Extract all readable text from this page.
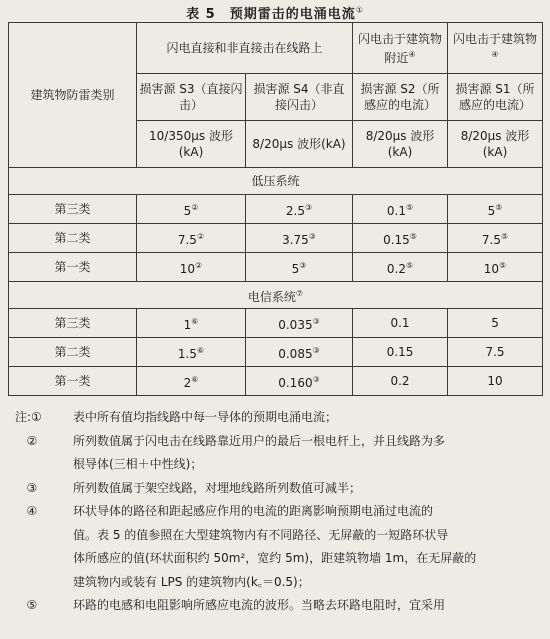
表 5　预期雷击的电涌电流①
建筑物防雷类别	闪电直接和非直接击在线路上		闪电击于建筑物附近④	闪电击于建筑物④
	损害源 S3（直接闪击）	损害源 S4（非直接闪击）	损害源 S2（所感应的电流）	损害源 S1（所感应的电流）
	10/350μs 波形(kA)	8/20μs 波形(kA)	8/20μs 波形(kA)	8/20μs 波形(kA)
低压系统				
第三类	5②	2.5③	0.1⑤	5⑤
第二类	7.5②	3.75③	0.15⑤	7.5⑤
第一类	10②	5③	0.2⑤	10⑤
电信系统⑦
第三类	1⑥	0.035③	0.1	5
第二类	1.5⑥	0.085③	0.15	7.5
第一类	2⑥	0.160③	0.2	10
注:①	表中所有值均指线路中每一导体的预期电涌电流；
②	所列数值属于闪电击在线路靠近用户的最后一根电杆上，并且线路为多
根导体(三相＋中性线)；
③	所列数值属于架空线路，对埋地线路所列数值可减半；
④	环状导体的路径和距起感应作用的电流的距离影响预期电涌过电流的
值。表 5 的值参照在大型建筑物内有不同路径、无屏蔽的一短路环状导
体所感应的值(环状面积约 50m²，宽约 5m)，距建筑物墙 1m，在无屏蔽的
建筑物内或装有 LPS 的建筑物内(k꜀＝0.5)；
⑤	环路的电感和电阻影响所感应电流的波形。当略去环路电阻时，宜采用
